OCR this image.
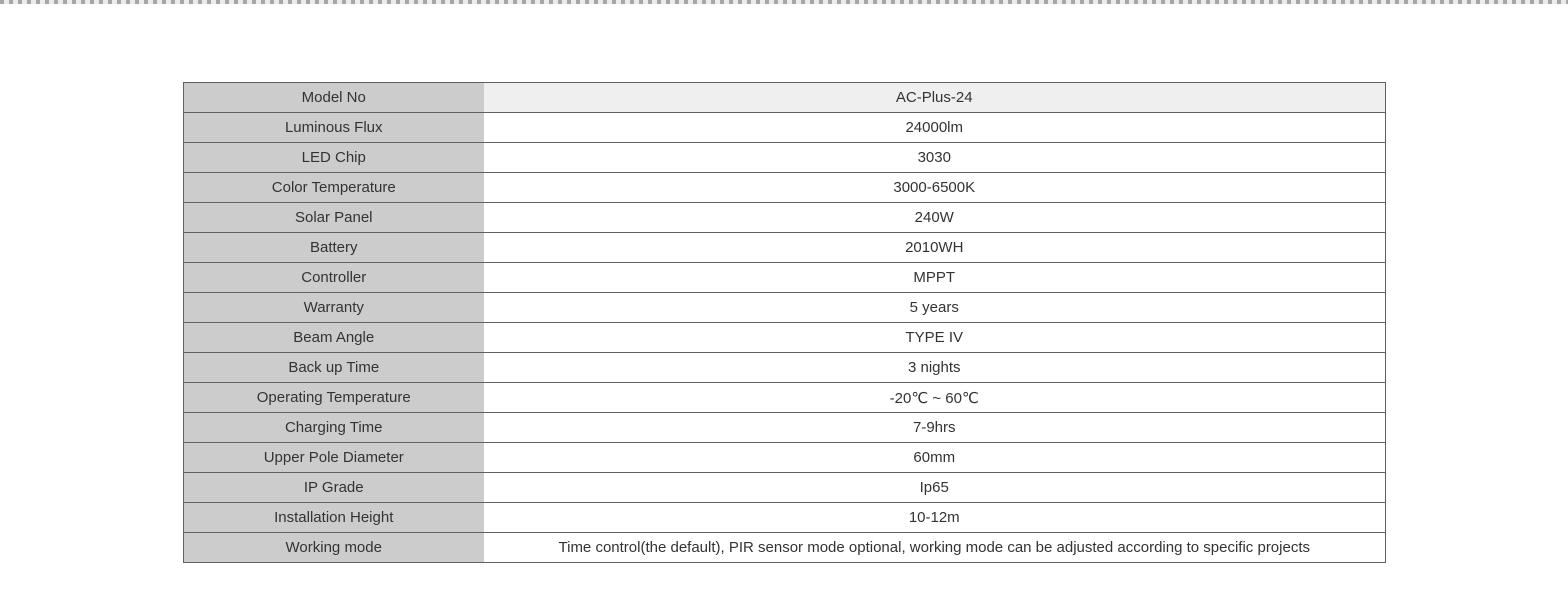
Model No	AC-Plus-24
Luminous Flux	24000lm
LED Chip	3030
Color Temperature	3000-6500K
Solar Panel	240W
Battery	2010WH
Controller	MPPT
Warranty	5 years
Beam Angle	TYPE IV
Back up Time	3 nights
Operating Temperature	-20℃ ~ 60℃
Charging Time	7-9hrs
Upper Pole Diameter	60mm
IP Grade	Ip65
Installation Height	10-12m
Working mode	Time control(the default), PIR sensor mode optional, working mode can be adjusted according to specific projects
